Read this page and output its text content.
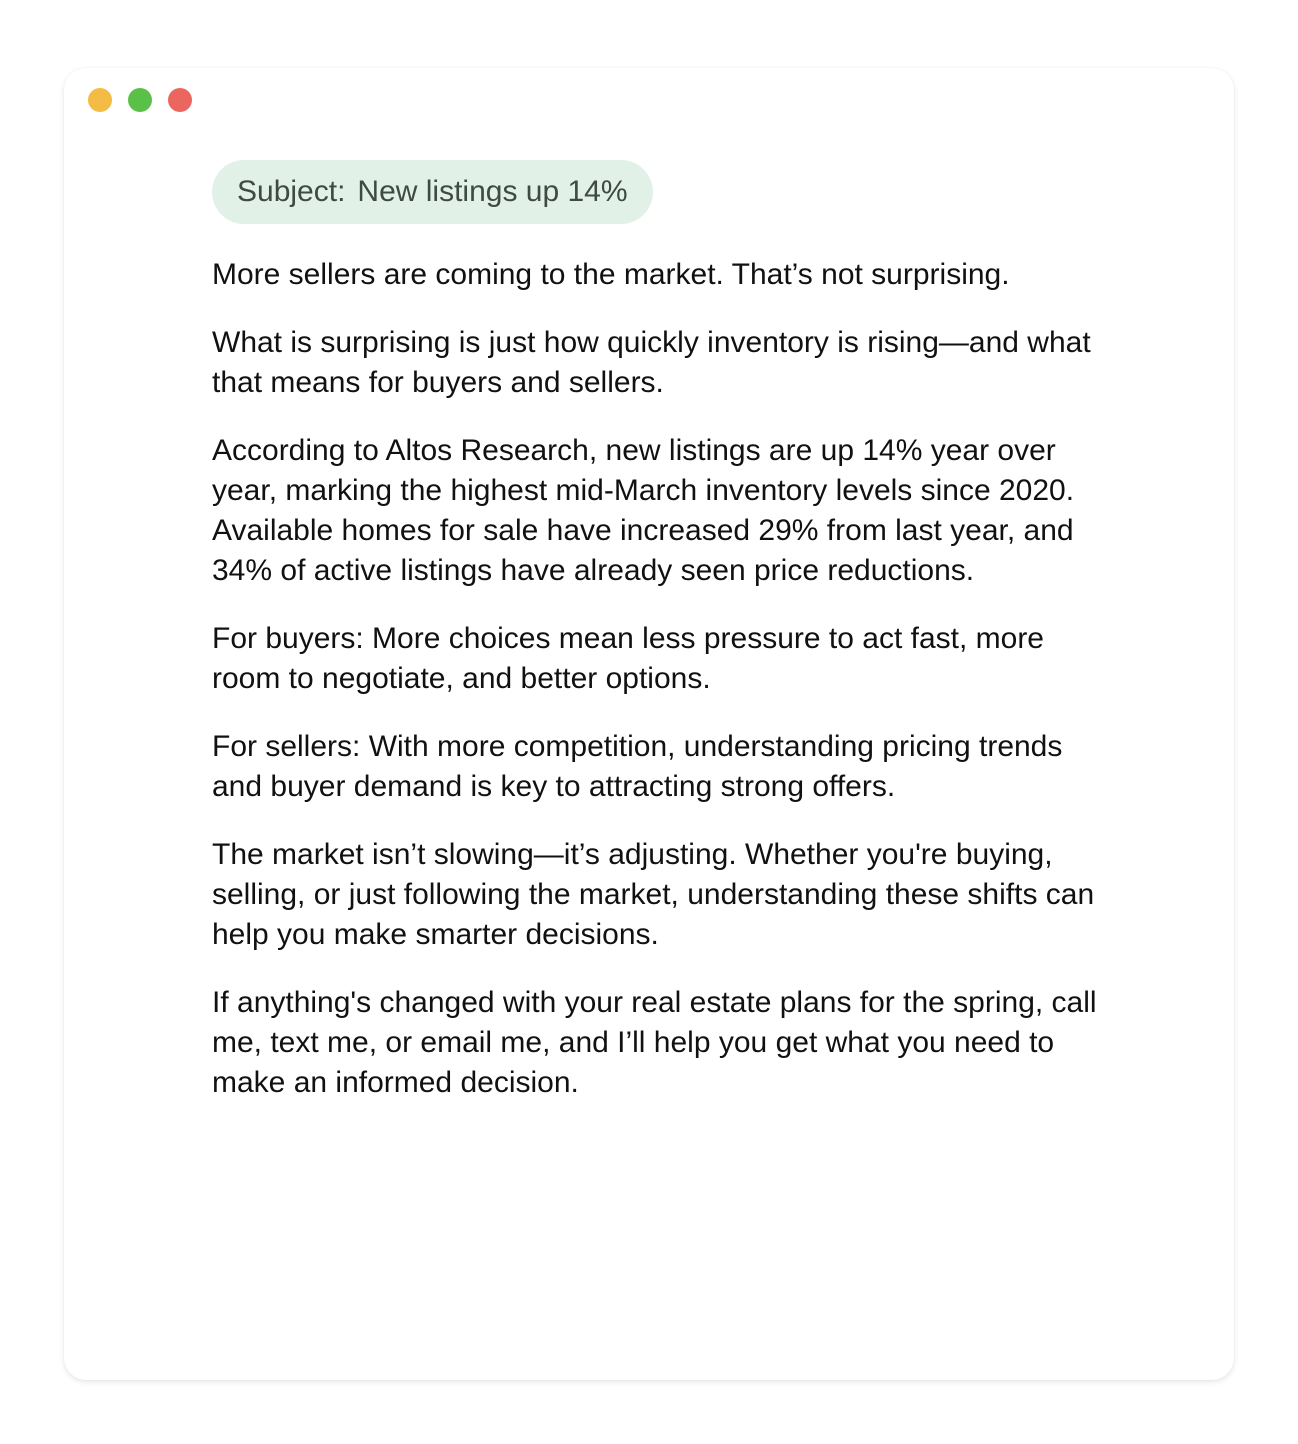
Subject: New listings up 14%

More sellers are coming to the market. That’s not surprising.

What is surprising is just how quickly inventory is rising—and what that means for buyers and sellers.

According to Altos Research, new listings are up 14% year over year, marking the highest mid-March inventory levels since 2020. Available homes for sale have increased 29% from last year, and 34% of active listings have already seen price reductions.

For buyers: More choices mean less pressure to act fast, more room to negotiate, and better options.

For sellers: With more competition, understanding pricing trends and buyer demand is key to attracting strong offers.

The market isn’t slowing—it’s adjusting. Whether you're buying, selling, or just following the market, understanding these shifts can help you make smarter decisions.

If anything's changed with your real estate plans for the spring, call me, text me, or email me, and I’ll help you get what you need to make an informed decision.
